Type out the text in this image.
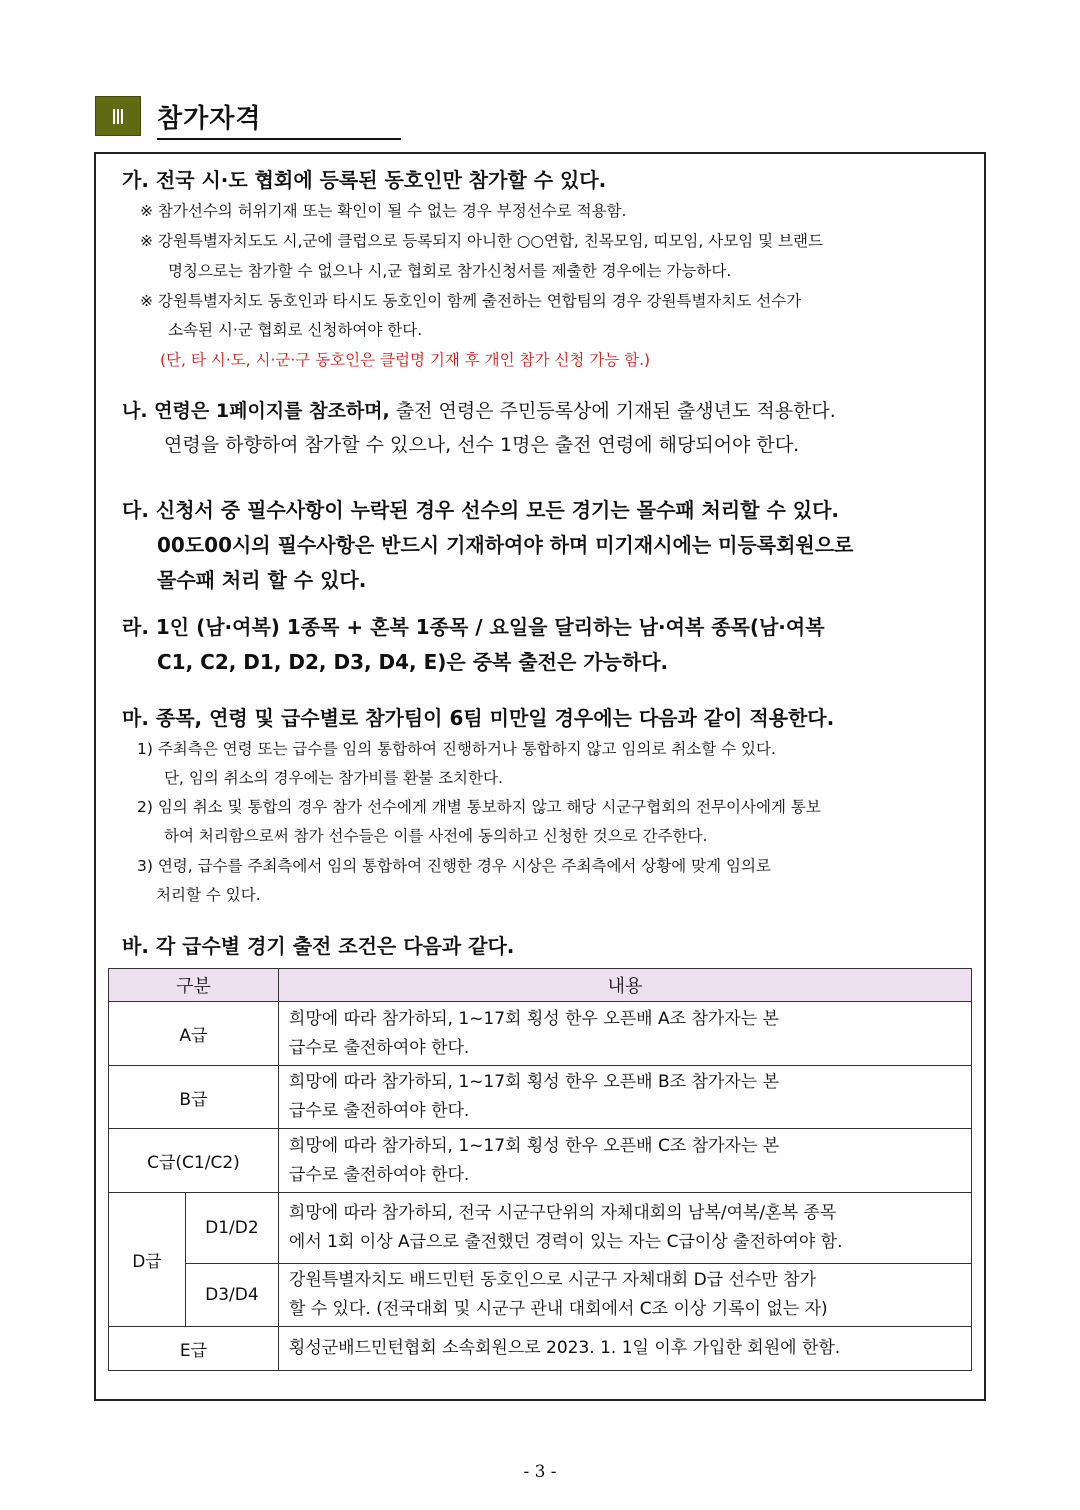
Ⅲ	참가자격
가. 전국 시·도 협회에 등록된 동호인만 참가할 수 있다.
※ 참가선수의 허위기재 또는 확인이 될 수 없는 경우 부정선수로 적용함.
※ 강원특별자치도도 시,군에 클럽으로 등록되지 아니한 ○○연합, 친목모임, 띠모임, 사모임 및 브랜드
명칭으로는 참가할 수 없으나 시,군 협회로 참가신청서를 제출한 경우에는 가능하다.
※ 강원특별자치도 동호인과 타시도 동호인이 함께 출전하는 연합팀의 경우 강원특별자치도 선수가
소속된 시·군 협회로 신청하여야 한다.
(단, 타 시·도, 시·군·구 동호인은 클럽명 기재 후 개인 참가 신청 가능 함.)
나. 연령은 1페이지를 참조하며, 출전 연령은 주민등록상에 기재된 출생년도 적용한다.
연령을 하향하여 참가할 수 있으나, 선수 1명은 출전 연령에 해당되어야 한다.
다. 신청서 중 필수사항이 누락된 경우 선수의 모든 경기는 몰수패 처리할 수 있다.
00도00시의 필수사항은 반드시 기재하여야 하며 미기재시에는 미등록회원으로
몰수패 처리 할 수 있다.
라. 1인 (남·여복) 1종목 + 혼복 1종목 / 요일을 달리하는 남·여복 종목(남·여복
C1, C2, D1, D2, D3, D4, E)은 중복 출전은 가능하다.
마. 종목, 연령 및 급수별로 참가팀이 6팀 미만일 경우에는 다음과 같이 적용한다.
1) 주최측은 연령 또는 급수를 임의 통합하여 진행하거나 통합하지 않고 임의로 취소할 수 있다.
단, 임의 취소의 경우에는 참가비를 환불 조치한다.
2) 임의 취소 및 통합의 경우 참가 선수에게 개별 통보하지 않고 해당 시군구협회의 전무이사에게 통보
하여 처리함으로써 참가 선수들은 이를 사전에 동의하고 신청한 것으로 간주한다.
3) 연령, 급수를 주최측에서 임의 통합하여 진행한 경우 시상은 주최측에서 상황에 맞게 임의로
처리할 수 있다.
바. 각 급수별 경기 출전 조건은 다음과 같다.
구분		내용
A급		희망에 따라 참가하되, 1~17회 횡성 한우 오픈배 A조 참가자는 본
급수로 출전하여야 한다.

B급		희망에 따라 참가하되, 1~17회 횡성 한우 오픈배 B조 참가자는 본
급수로 출전하여야 한다.

C급(C1/C2)		희망에 따라 참가하되, 1~17회 횡성 한우 오픈배 C조 참가자는 본
급수로 출전하여야 한다.

D급	D1/D2	희망에 따라 참가하되, 전국 시군구단위의 자체대회의 남복/여복/혼복 종목
에서 1회 이상 A급으로 출전했던 경력이 있는 자는 C급이상 출전하여야 함.

	D3/D4	강원특별자치도 배드민턴 동호인으로 시군구 자체대회 D급 선수만 참가
할 수 있다. (전국대회 및 시군구 관내 대회에서 C조 이상 기록이 없는 자)

E급		횡성군배드민턴협회 소속회원으로 2023. 1. 1일 이후 가입한 회원에 한함.
- 3 -
